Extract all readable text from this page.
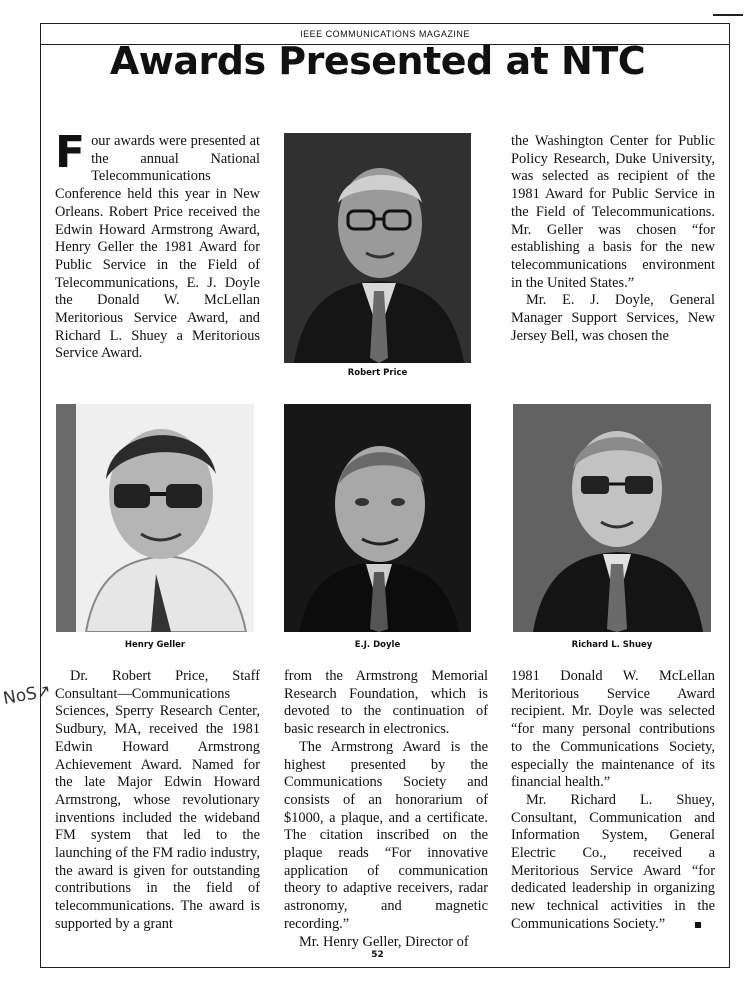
NoS↗
IEEE COMMUNICATIONS MAGAZINE
Awards Presented at NTC

F our awards were presented at the annual National Telecommunications Conference held this year in New Orleans. Robert Price received the Edwin Howard Armstrong Award, Henry Geller the 1981 Award for Public Service in the Field of Telecommunications, E. J. Doyle the Donald W. McLellan Meritorious Service Award, and Richard L. Shuey a Meritorious Service Award.

Robert Price

the Washington Center for Public Policy Research, Duke University, was selected as recipient of the 1981 Award for Public Service in the Field of Telecommunications. Mr. Geller was chosen “for establishing a basis for the new telecommunications environment in the United States.”

Mr. E. J. Doyle, General Manager Support Services, New Jersey Bell, was chosen the

Henry Geller	E.J. Doyle	Richard L. Shuey

Dr. Robert Price, Staff Consultant—Communications Sciences, Sperry Research Center, Sudbury, MA, received the 1981 Edwin Howard Armstrong Achievement Award. Named for the late Major Edwin Howard Armstrong, whose revolutionary inventions included the wideband FM system that led to the launching of the FM radio industry, the award is given for outstanding contributions in the field of telecommunications. The award is supported by a grant

from the Armstrong Memorial Research Foundation, which is devoted to the continuation of basic research in electronics.

The Armstrong Award is the highest presented by the Communications Society and consists of an honorarium of $1000, a plaque, and a certificate. The citation inscribed on the plaque reads “For innovative application of communication theory to adaptive receivers, radar astronomy, and magnetic recording.”

Mr. Henry Geller, Director of

1981 Donald W. McLellan Meritorious Service Award recipient. Mr. Doyle was selected “for many personal contributions to the Communications Society, especially the maintenance of its financial health.”

Mr. Richard L. Shuey, Consultant, Communication and Information System, General Electric Co., received a Meritorious Service Award “for dedicated leadership in organizing new technical activities in the Communications Society.”

52
